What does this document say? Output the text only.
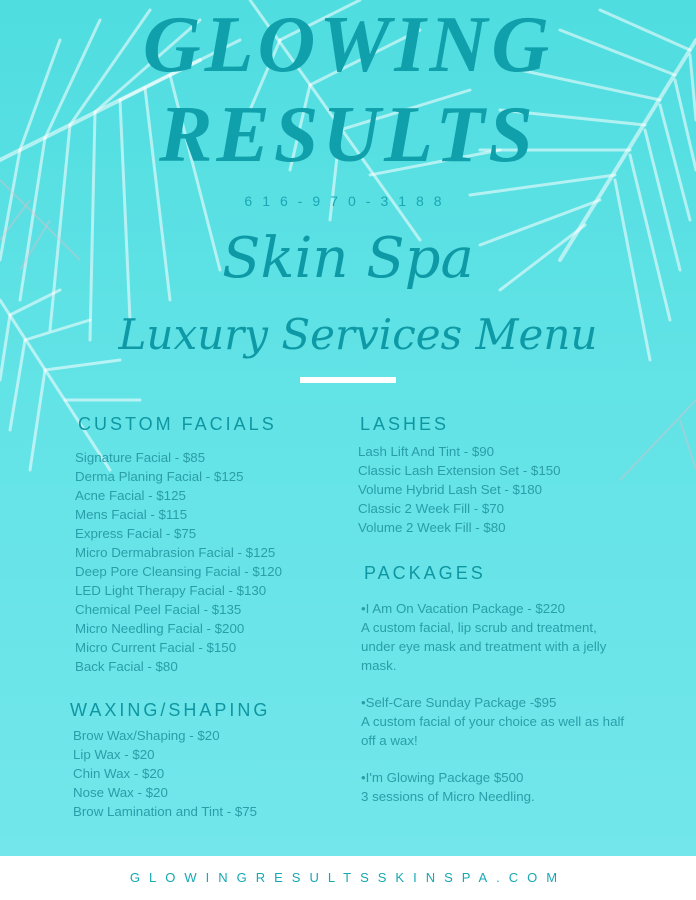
GLOWING
RESULTS
616-970-3188
Skin Spa
Luxury Services Menu
CUSTOM FACIALS
Signature Facial - $85
Derma Planing Facial - $125
Acne Facial - $125
Mens Facial - $115
Express Facial - $75
Micro Dermabrasion Facial - $125
Deep Pore Cleansing Facial - $120
LED Light Therapy Facial - $130
Chemical Peel Facial - $135
Micro Needling Facial - $200
Micro Current Facial - $150
Back Facial - $80
WAXING/SHAPING
Brow Wax/Shaping - $20
Lip Wax - $20
Chin Wax - $20
Nose Wax - $20
Brow Lamination and Tint - $75
LASHES
Lash Lift And Tint - $90
Classic Lash Extension Set - $150
Volume Hybrid Lash Set - $180
Classic 2 Week Fill - $70
Volume 2 Week Fill - $80
PACKAGES
•I Am On Vacation Package - $220
A custom facial, lip scrub and treatment, under eye mask and treatment with a jelly mask.
•Self-Care Sunday Package -$95
A custom facial of your choice as well as half off a wax!
•I'm Glowing Package $500
3 sessions of Micro Needling.
GLOWINGRESULTSSKINSPA.COM
